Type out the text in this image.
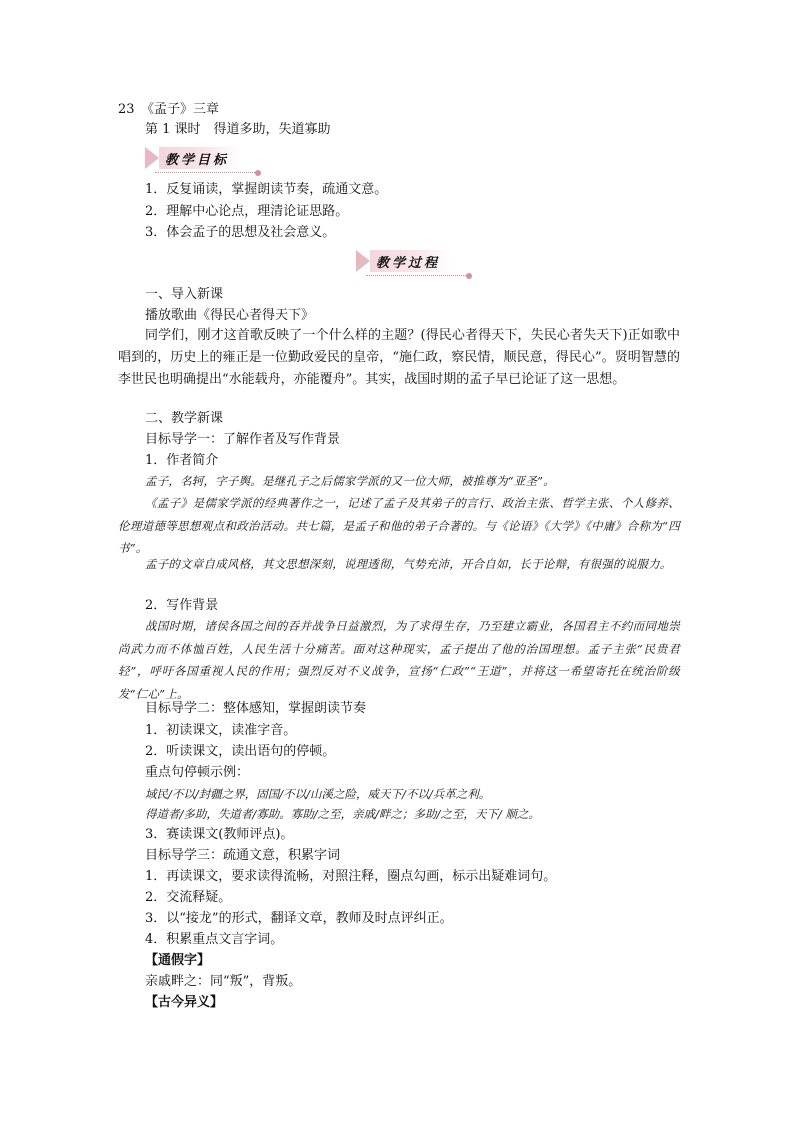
23　《孟子》三章
第 1 课时　得道多助，失道寡助
教学目标
1．反复诵读，掌握朗读节奏，疏通文意。
2．理解中心论点，理清论证思路。
3．体会孟子的思想及社会意义。
教学过程
一、导入新课
播放歌曲《得民心者得天下》
同学们，刚才这首歌反映了一个什么样的主题？(得民心者得天下，失民心者失天下)正如歌中唱到的，历史上的雍正是一位勤政爱民的皇帝，“施仁政，察民情，顺民意，得民心”。贤明智慧的李世民也明确提出“水能载舟，亦能覆舟”。其实，战国时期的孟子早已论证了这一思想。
二、教学新课
目标导学一：了解作者及写作背景
1．作者简介
孟子，名轲，字子舆。是继孔子之后儒家学派的又一位大师，被推尊为“亚圣”。
《孟子》是儒家学派的经典著作之一，记述了孟子及其弟子的言行、政治主张、哲学主张、个人修养、伦理道德等思想观点和政治活动。共七篇，是孟子和他的弟子合著的。与《论语》《大学》《中庸》合称为“四书”。
孟子的文章自成风格，其文思想深刻，说理透彻，气势充沛，开合自如，长于论辩，有很强的说服力。
2．写作背景
战国时期，诸侯各国之间的吞并战争日益激烈，为了求得生存，乃至建立霸业，各国君主不约而同地崇尚武力而不体恤百姓，人民生活十分痛苦。面对这种现实，孟子提出了他的治国理想。孟子主张“民贵君轻”，呼吁各国重视人民的作用；强烈反对不义战争，宣扬“仁政”“王道”，并将这一希望寄托在统治阶级发“仁心”上。
目标导学二：整体感知，掌握朗读节奏
1．初读课文，读准字音。
2．听读课文，读出语句的停顿。
重点句停顿示例：
域民/不以/封疆之界，固国/不以/山溪之险，威天下/不以/兵革之利。
得道者/多助，失道者/寡助。寡助/之至，亲戚/畔之；多助/之至，天下/ 顺之。
3．赛读课文(教师评点)。
目标导学三：疏通文意，积累字词
1．再读课文，要求读得流畅，对照注释，圈点勾画，标示出疑难词句。
2．交流释疑。
3．以“接龙”的形式，翻译文章，教师及时点评纠正。
4．积累重点文言字词。
【通假字】
亲戚畔之：同“叛”，背叛。
【古今异义】
